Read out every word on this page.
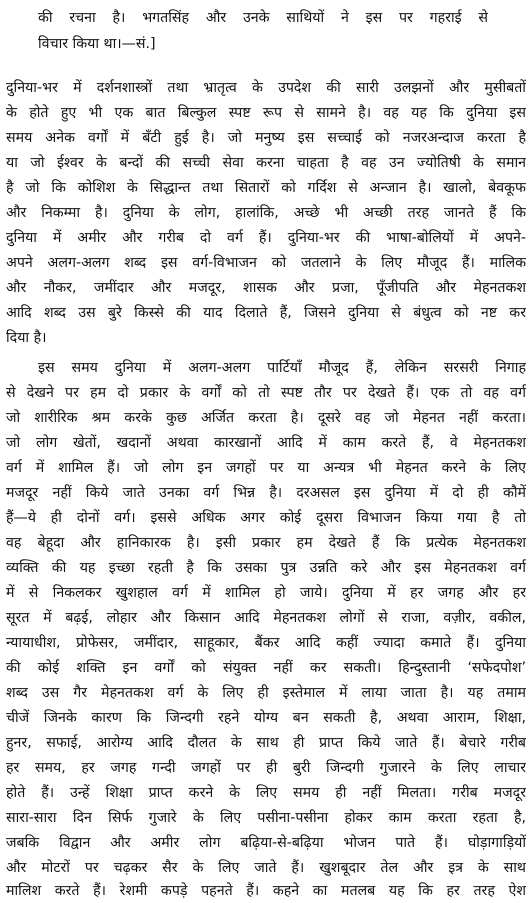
की रचना है। भगतसिंह और उनके साथियों ने इस पर गहराई से
विचार किया था।—सं.]
दुनिया-भर में दर्शनशास्त्रों तथा भ्रातृत्व के उपदेश की सारी उलझनों और मुसीबतों
के होते हुए भी एक बात बिल्कुल स्पष्ट रूप से सामने है। वह यह कि दुनिया इस
समय अनेक वर्गों में बँटी हुई है। जो मनुष्य इस सच्चाई को नजरअन्दाज करता है
या जो ईश्वर के बन्दों की सच्ची सेवा करना चाहता है वह उन ज्योतिषी के समान
है जो कि कोशिश के सिद्धान्त तथा सितारों को गर्दिश से अन्जान है। खालो, बेवकूफ
और निकम्मा है। दुनिया के लोग, हालांकि, अच्छे भी अच्छी तरह जानते हैं कि
दुनिया में अमीर और गरीब दो वर्ग हैं। दुनिया-भर की भाषा-बोलियों में अपने-
अपने अलग-अलग शब्द इस वर्ग-विभाजन को जतलाने के लिए मौजूद हैं। मालिक
और नौकर, जमींदार और मजदूर, शासक और प्रजा, पूँजीपति और मेहनतकश
आदि शब्द उस बुरे किस्से की याद दिलाते हैं, जिसने दुनिया से बंधुत्व को नष्ट कर
दिया है।
इस समय दुनिया में अलग-अलग पार्टियाँ मौजूद हैं, लेकिन सरसरी निगाह
से देखने पर हम दो प्रकार के वर्गों को तो स्पष्ट तौर पर देखते हैं। एक तो वह वर्ग
जो शारीरिक श्रम करके कुछ अर्जित करता है। दूसरे वह जो मेहनत नहीं करता।
जो लोग खेतों, खदानों अथवा कारखानों आदि में काम करते हैं, वे मेहनतकश
वर्ग में शामिल हैं। जो लोग इन जगहों पर या अन्यत्र भी मेहनत करने के लिए
मजदूर नहीं किये जाते उनका वर्ग भिन्न है। दरअसल इस दुनिया में दो ही कौमें
हैं—ये ही दोनों वर्ग। इससे अधिक अगर कोई दूसरा विभाजन किया गया है तो
वह बेहूदा और हानिकारक है। इसी प्रकार हम देखते हैं कि प्रत्येक मेहनतकश
व्यक्ति की यह इच्छा रहती है कि उसका पुत्र उन्नति करे और इस मेहनतकश वर्ग
में से निकलकर खुशहाल वर्ग में शामिल हो जाये। दुनिया में हर जगह और हर
सूरत में बढ़ई, लोहार और किसान आदि मेहनतकश लोगों से राजा, वज़ीर, वकील,
न्यायाधीश, प्रोफेसर, जमींदार, साहूकार, बैंकर आदि कहीं ज्यादा कमाते हैं। दुनिया
की कोई शक्ति इन वर्गों को संयुक्त नहीं कर सकती। हिन्दुस्तानी ‘सफेदपोश’
शब्द उस गैर मेहनतकश वर्ग के लिए ही इस्तेमाल में लाया जाता है। यह तमाम
चीजें जिनके कारण कि जिन्दगी रहने योग्य बन सकती है, अथवा आराम, शिक्षा,
हुनर, सफाई, आरोग्य आदि दौलत के साथ ही प्राप्त किये जाते हैं। बेचारे गरीब
हर समय, हर जगह गन्दी जगहों पर ही बुरी जिन्दगी गुजारने के लिए लाचार
होते हैं। उन्हें शिक्षा प्राप्त करने के लिए समय ही नहीं मिलता। गरीब मजदूर
सारा-सारा दिन सिर्फ गुजारे के लिए पसीना-पसीना होकर काम करता रहता है,
जबकि विद्वान और अमीर लोग बढ़िया-से-बढ़िया भोजन पाते हैं। घोड़ागाड़ियों
और मोटरों पर चढ़कर सैर के लिए जाते हैं। खुशबूदार तेल और इत्र के साथ
मालिश करते हैं। रेशमी कपड़े पहनते हैं। कहने का मतलब यह कि हर तरह ऐश
